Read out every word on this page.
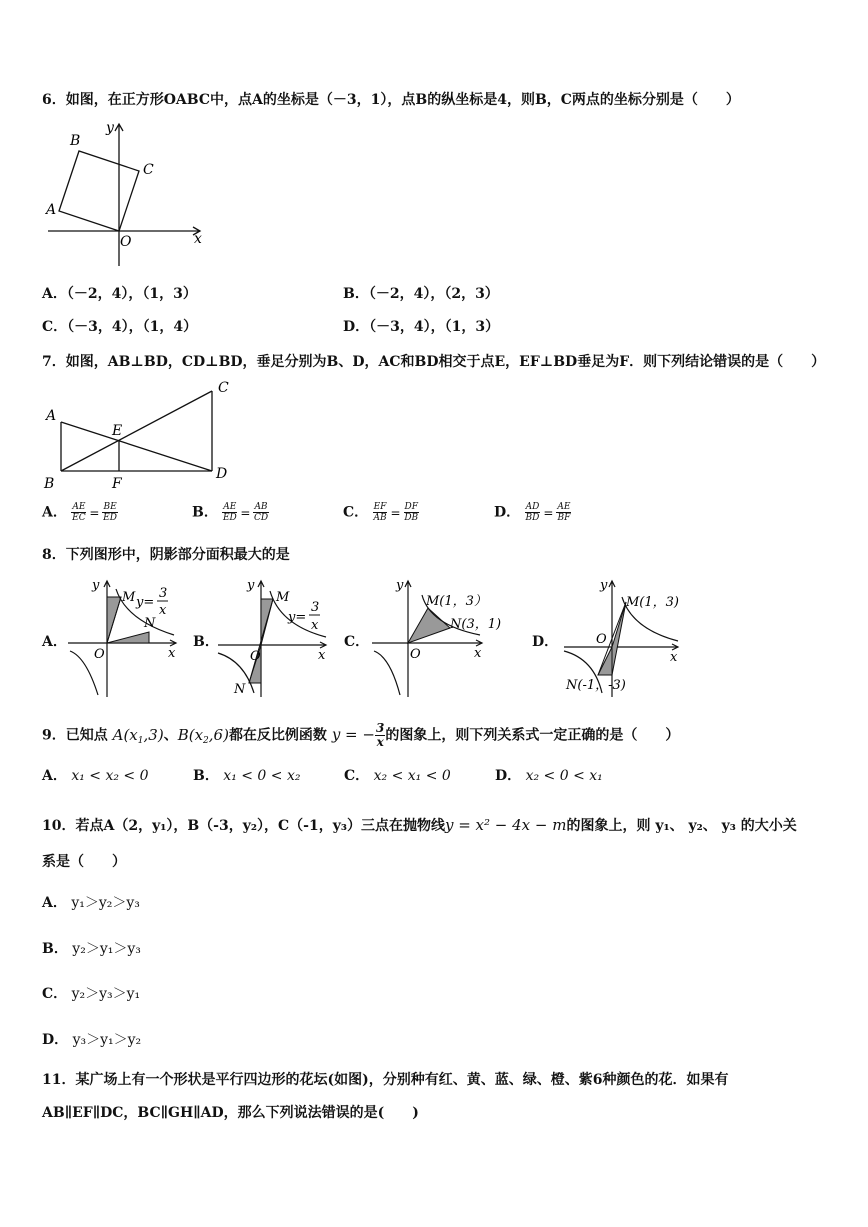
6．如图，在正方形OABC中，点A的坐标是（－3，1），点B的纵坐标是4，则B，C两点的坐标分别是（　　）
B
C
A
O	x
y
A．（－2，4），（1，3）	B．（－2，4），（2，3）
C．（－3，4），（1，4）	D．（－3，4），（1，3）
7．如图，AB⊥BD，CD⊥BD，垂足分别为B、D，AC和BD相交于点E，EF⊥BD垂足为F．则下列结论错误的是（　　）
A
B
C
D
E
F
A． $\frac{AE}{EC} = \frac{BE}{ED}$	B． $\frac{AE}{ED} = \frac{AB}{CD}$	C． $\frac{EF}{AB} = \frac{DF}{DB}$	D． $\frac{AD}{BD} = \frac{AE}{BF}$
8．下列图形中，阴影部分面积最大的是
A．	B．	C．	D．
y
x
O
M
N
y=
3
x
y
x
O
M
N
y=
3
x
y
x
O
M(1，3）
N(3，1)
y
x
O
M(1，3)
N(-1，-3)
9．已知点 $A(x_1,3)$、$B(x_2,6)$都在反比例函数 y = − $\frac{3}{x}$ 的图象上，则下列关系式一定正确的是（　　）
A． x₁ < x₂ < 0	B． x₁ < 0 < x₂	C． x₂ < x₁ < 0	D． x₂ < 0 < x₁
10．若点A（2，y₁），B（-3，y₂），C（-1，y₃）三点在抛物线y = x² − 4x − m的图象上，则 y₁、 y₂、 y₃ 的大小关
系是（　　）
A． y₁＞y₂＞y₃
B． y₂＞y₁＞y₃
C． y₂＞y₃＞y₁
D． y₃＞y₁＞y₂
11．某广场上有一个形状是平行四边形的花坛(如图)，分别种有红、黄、蓝、绿、橙、紫6种颜色的花．如果有
AB∥EF∥DC，BC∥GH∥AD，那么下列说法错误的是(　　)
